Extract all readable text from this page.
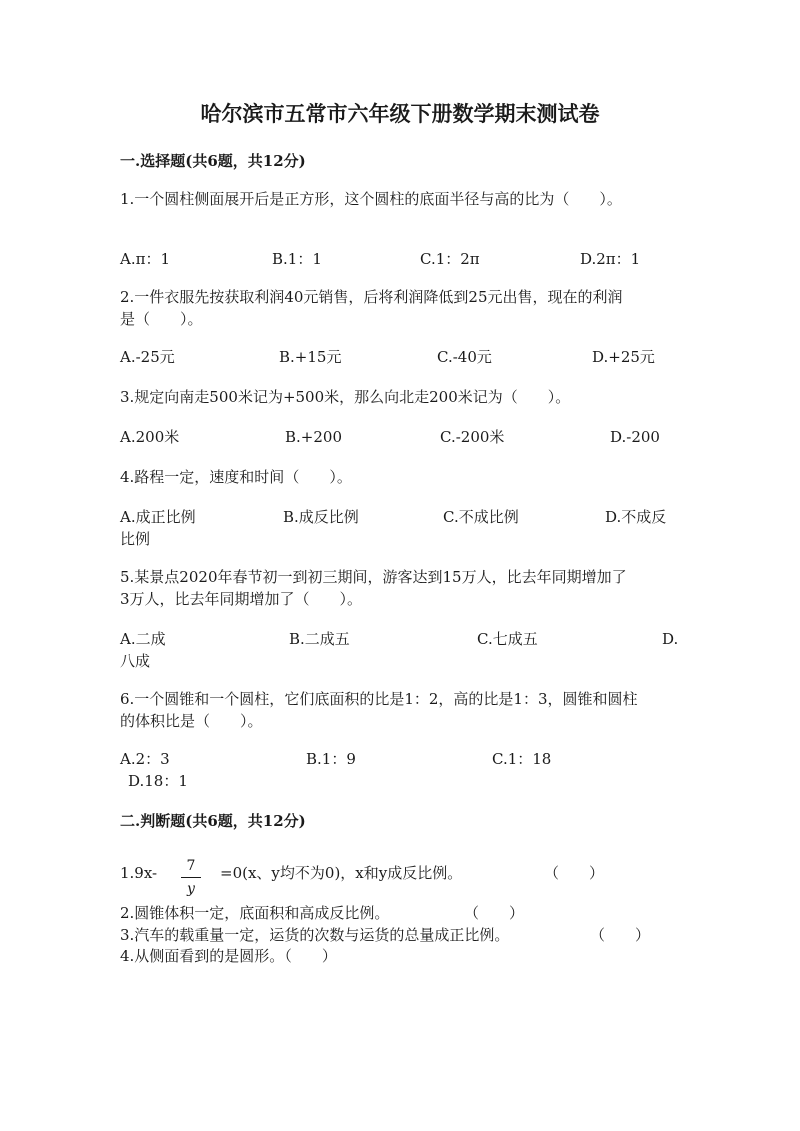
哈尔滨市五常市六年级下册数学期末测试卷
一.选择题(共6题，共12分)
1.一个圆柱侧面展开后是正方形，这个圆柱的底面半径与高的比为（　　）。
A.π：1	B.1：1	C.1：2π	D.2π：1
2.一件衣服先按获取利润40元销售，后将利润降低到25元出售，现在的利润
是（　　）。
A.-25元	B.+15元	C.-40元	D.+25元
3.规定向南走500米记为+500米，那么向北走200米记为（　　）。
A.200米	B.+200	C.-200米	D.-200
4.路程一定，速度和时间（　　）。
A.成正比例	B.成反比例	C.不成比例	D.不成反
比例
5.某景点2020年春节初一到初三期间，游客达到15万人，比去年同期增加了
3万人，比去年同期增加了（　　）。
A.二成	B.二成五	C.七成五	D.
八成
6.一个圆锥和一个圆柱，它们底面积的比是1：2，高的比是1：3，圆锥和圆柱
的体积比是（　　）。
A.2：3	B.1：9	C.1：18
D.18：1
二.判断题(共6题，共12分)
1.9x-	7
y
=0(x、y均不为0)，x和y成反比例。	（　　）
2.圆锥体积一定，底面积和高成反比例。	（　　）
3.汽车的载重量一定，运货的次数与运货的总量成正比例。	（　　）
4.从侧面看到的是圆形。（　　）
